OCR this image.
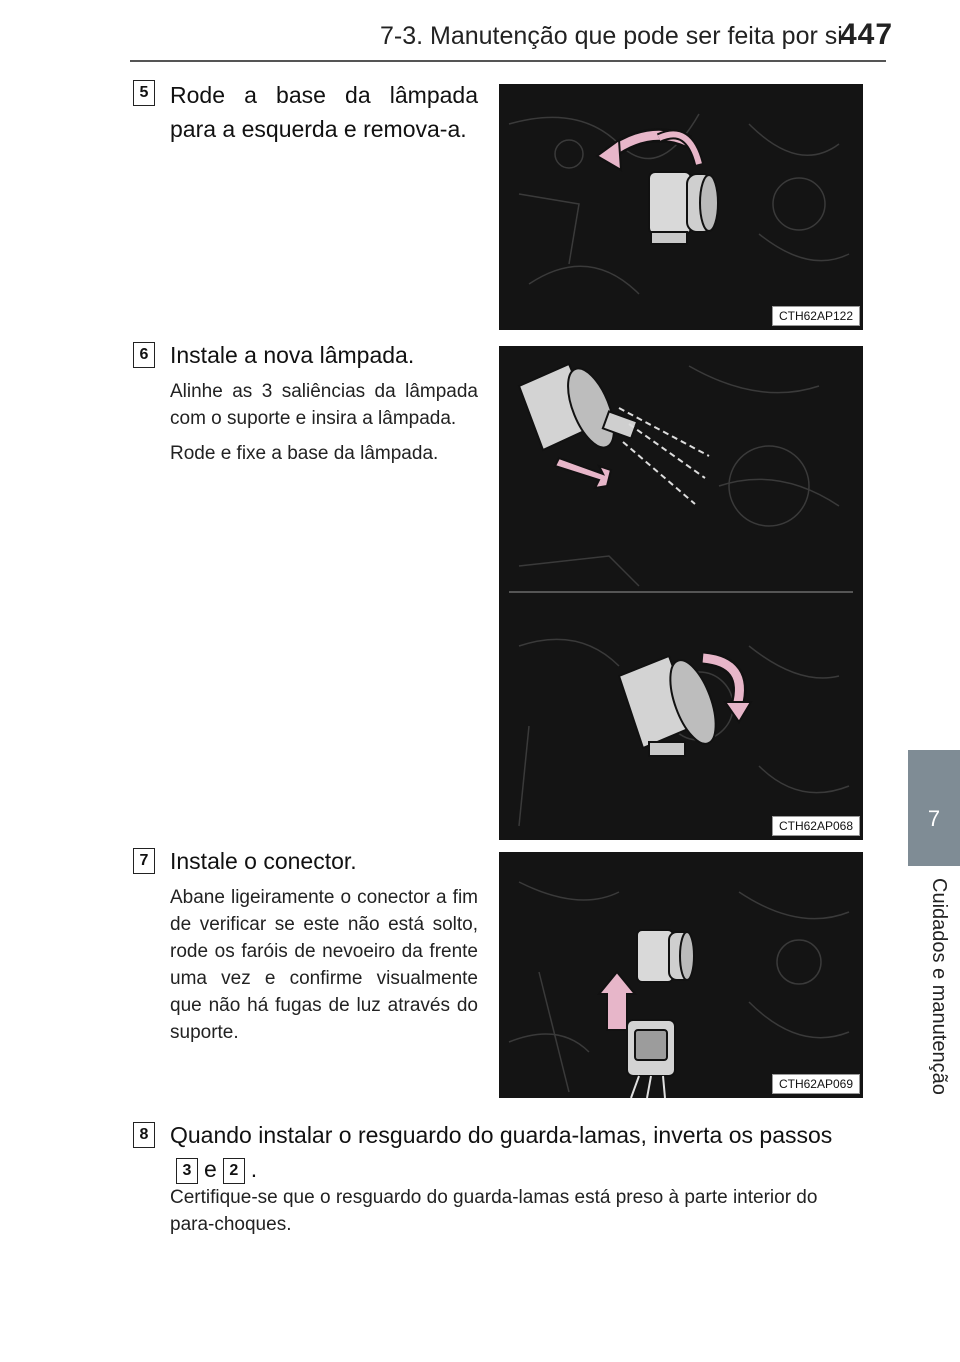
7-3. Manutenção que pode ser feita por si
447
7
Cuidados e manutenção
5 Rode a base da lâmpada para a esquerda e remova-a.
CTH62AP122
6 Instale a nova lâmpada.

Alinhe as 3 saliências da lâmpada com o suporte e insira a lâmpada.

Rode e fixe a base da lâmpada.

CTH62AP068
7 Instale o conector.

Abane ligeiramente o conector a fim de verificar se este não está solto, rode os faróis de nevoeiro da frente uma vez e confirme visualmente que não há fugas de luz através do suporte.

CTH62AP069
8 Quando instalar o resguardo do guarda-lamas, inverta os passos
3 e 2 .
Certifique-se que o resguardo do guarda-lamas está preso à parte interior do para-choques.
